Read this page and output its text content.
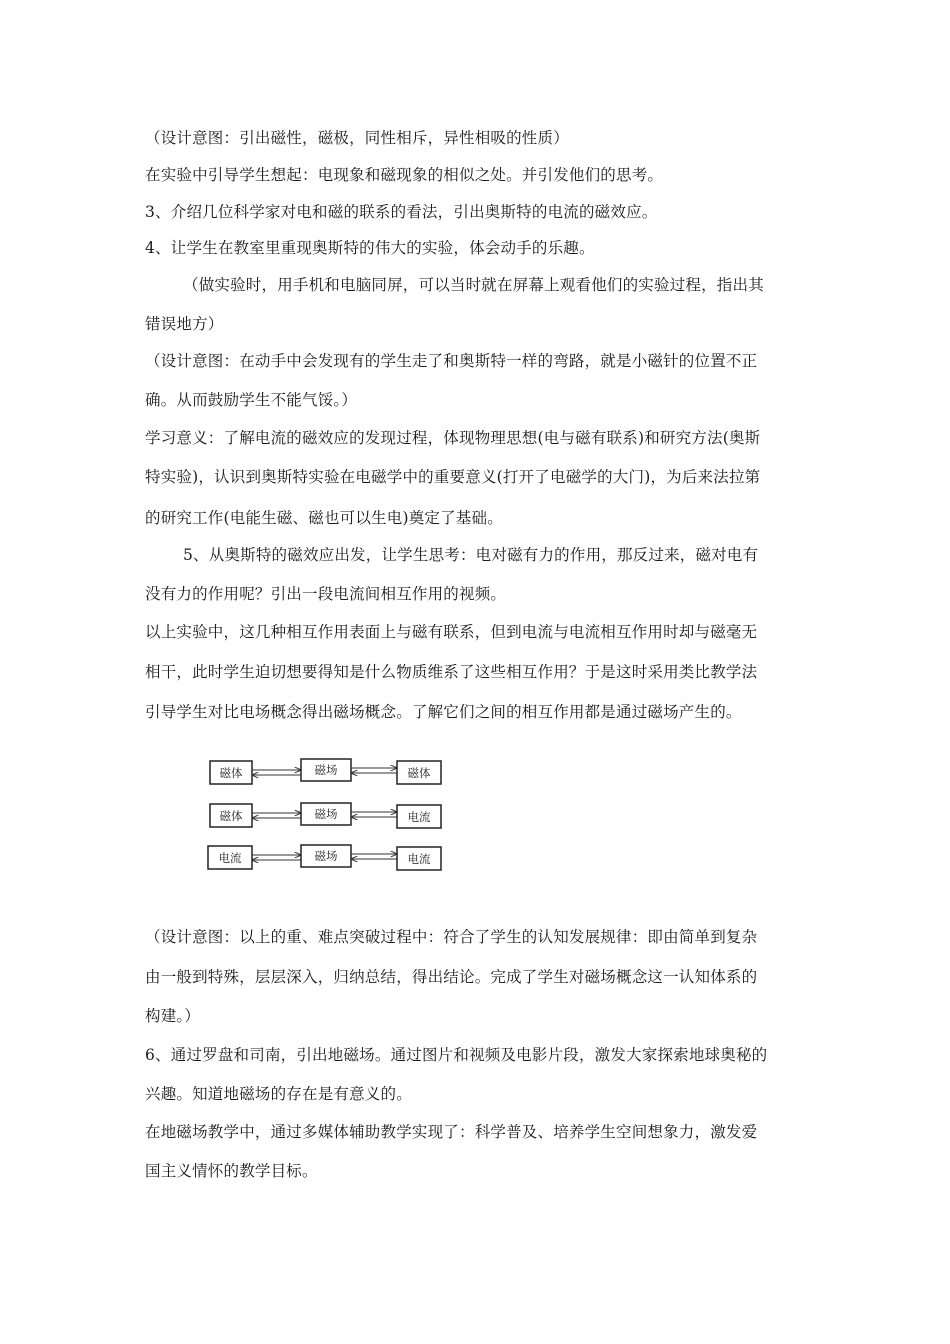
（设计意图：引出磁性，磁极，同性相斥，异性相吸的性质）
在实验中引导学生想起：电现象和磁现象的相似之处。并引发他们的思考。
3、介绍几位科学家对电和磁的联系的看法，引出奥斯特的电流的磁效应。
4、让学生在教室里重现奥斯特的伟大的实验，体会动手的乐趣。
（做实验时，用手机和电脑同屏，可以当时就在屏幕上观看他们的实验过程，指出其
错误地方）
（设计意图：在动手中会发现有的学生走了和奥斯特一样的弯路，就是小磁针的位置不正
确。从而鼓励学生不能气馁。）
学习意义：了解电流的磁效应的发现过程，体现物理思想(电与磁有联系)和研究方法(奥斯
特实验)，认识到奥斯特实验在电磁学中的重要意义(打开了电磁学的大门)，为后来法拉第
的研究工作(电能生磁、磁也可以生电)奠定了基础。
5、从奥斯特的磁效应出发，让学生思考：电对磁有力的作用，那反过来，磁对电有
没有力的作用呢？引出一段电流间相互作用的视频。
以上实验中，这几种相互作用表面上与磁有联系，但到电流与电流相互作用时却与磁毫无
相干，此时学生迫切想要得知是什么物质维系了这些相互作用？于是这时采用类比教学法
引导学生对比电场概念得出磁场概念。了解它们之间的相互作用都是通过磁场产生的。
磁体	磁场	磁体
磁体	磁场	电流
电流	磁场	电流
（设计意图：以上的重、难点突破过程中：符合了学生的认知发展规律：即由简单到复杂
由一般到特殊，层层深入，归纳总结，得出结论。完成了学生对磁场概念这一认知体系的
构建。）
6、通过罗盘和司南，引出地磁场。通过图片和视频及电影片段，激发大家探索地球奥秘的
兴趣。知道地磁场的存在是有意义的。
在地磁场教学中，通过多媒体辅助教学实现了：科学普及、培养学生空间想象力，激发爱
国主义情怀的教学目标。
